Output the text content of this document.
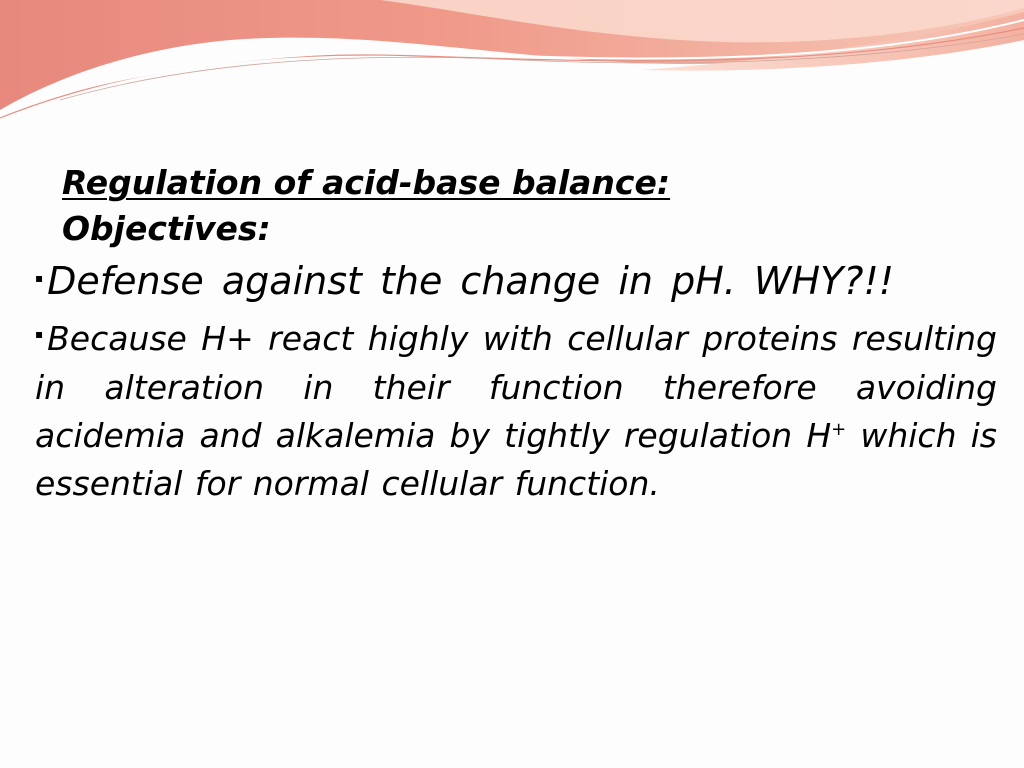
Regulation of acid-base balance:
Objectives:

▪ Defense against the change in pH. WHY?!!

▪ Because H+ react highly with cellular proteins resulting in alteration in their function therefore avoiding acidemia and alkalemia by tightly regulation H+ which is essential for normal cellular function.
